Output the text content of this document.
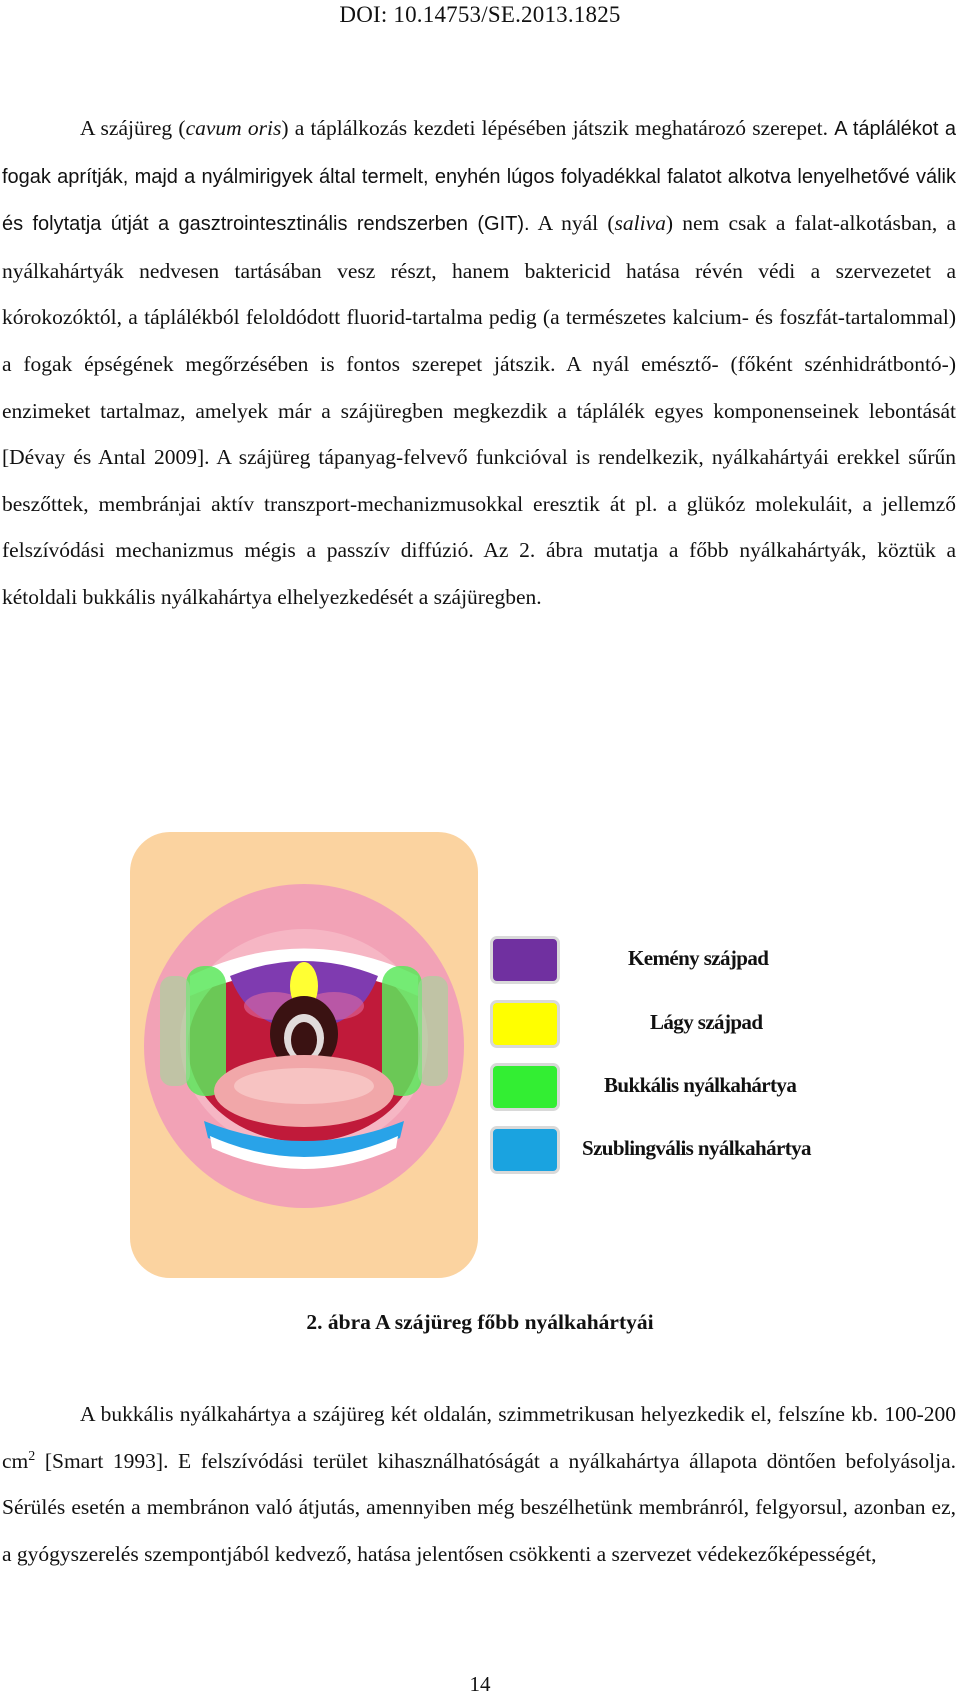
DOI: 10.14753/SE.2013.1825

A szájüreg (cavum oris) a táplálkozás kezdeti lépésében játszik meghatározó szerepet. A táplálékot a fogak aprítják, majd a nyálmirigyek által termelt, enyhén lúgos folyadékkal falatot alkotva lenyelhetővé válik és folytatja útját a gasztrointesztinális rendszerben (GIT). A nyál (saliva) nem csak a falat-alkotásban, a nyálkahártyák nedvesen tartásában vesz részt, hanem baktericid hatása révén védi a szervezetet a kórokozóktól, a táplálékból feloldódott fluorid-tartalma pedig (a természetes kalcium- és foszfát-tartalommal) a fogak épségének megőrzésében is fontos szerepet játszik. A nyál emésztő- (főként szénhidrátbontó-) enzimeket tartalmaz, amelyek már a szájüregben megkezdik a táplálék egyes komponenseinek lebontását [Dévay és Antal 2009]. A szájüreg tápanyag-felvevő funkcióval is rendelkezik, nyálkahártyái erekkel sűrűn beszőttek, membránjai aktív transzport-mechanizmusokkal eresztik át pl. a glükóz molekuláit, a jellemző felszívódási mechanizmus mégis a passzív diffúzió. Az 2. ábra mutatja a főbb nyálkahártyák, köztük a kétoldali bukkális nyálkahártya elhelyezkedését a szájüregben.

Kemény szájpad
Lágy szájpad
Bukkális nyálkahártya
Szublingvális nyálkahártya
2. ábra A szájüreg főbb nyálkahártyái

A bukkális nyálkahártya a szájüreg két oldalán, szimmetrikusan helyezkedik el, felszíne kb. 100-200 $cm^2$ [Smart 1993]. E felszívódási terület kihasználhatóságát a nyálkahártya állapota döntően befolyásolja. Sérülés esetén a membránon való átjutás, amennyiben még beszélhetünk membránról, felgyorsul, azonban ez, a gyógyszerelés szempontjából kedvező, hatása jelentősen csökkenti a szervezet védekezőképességét,

14
